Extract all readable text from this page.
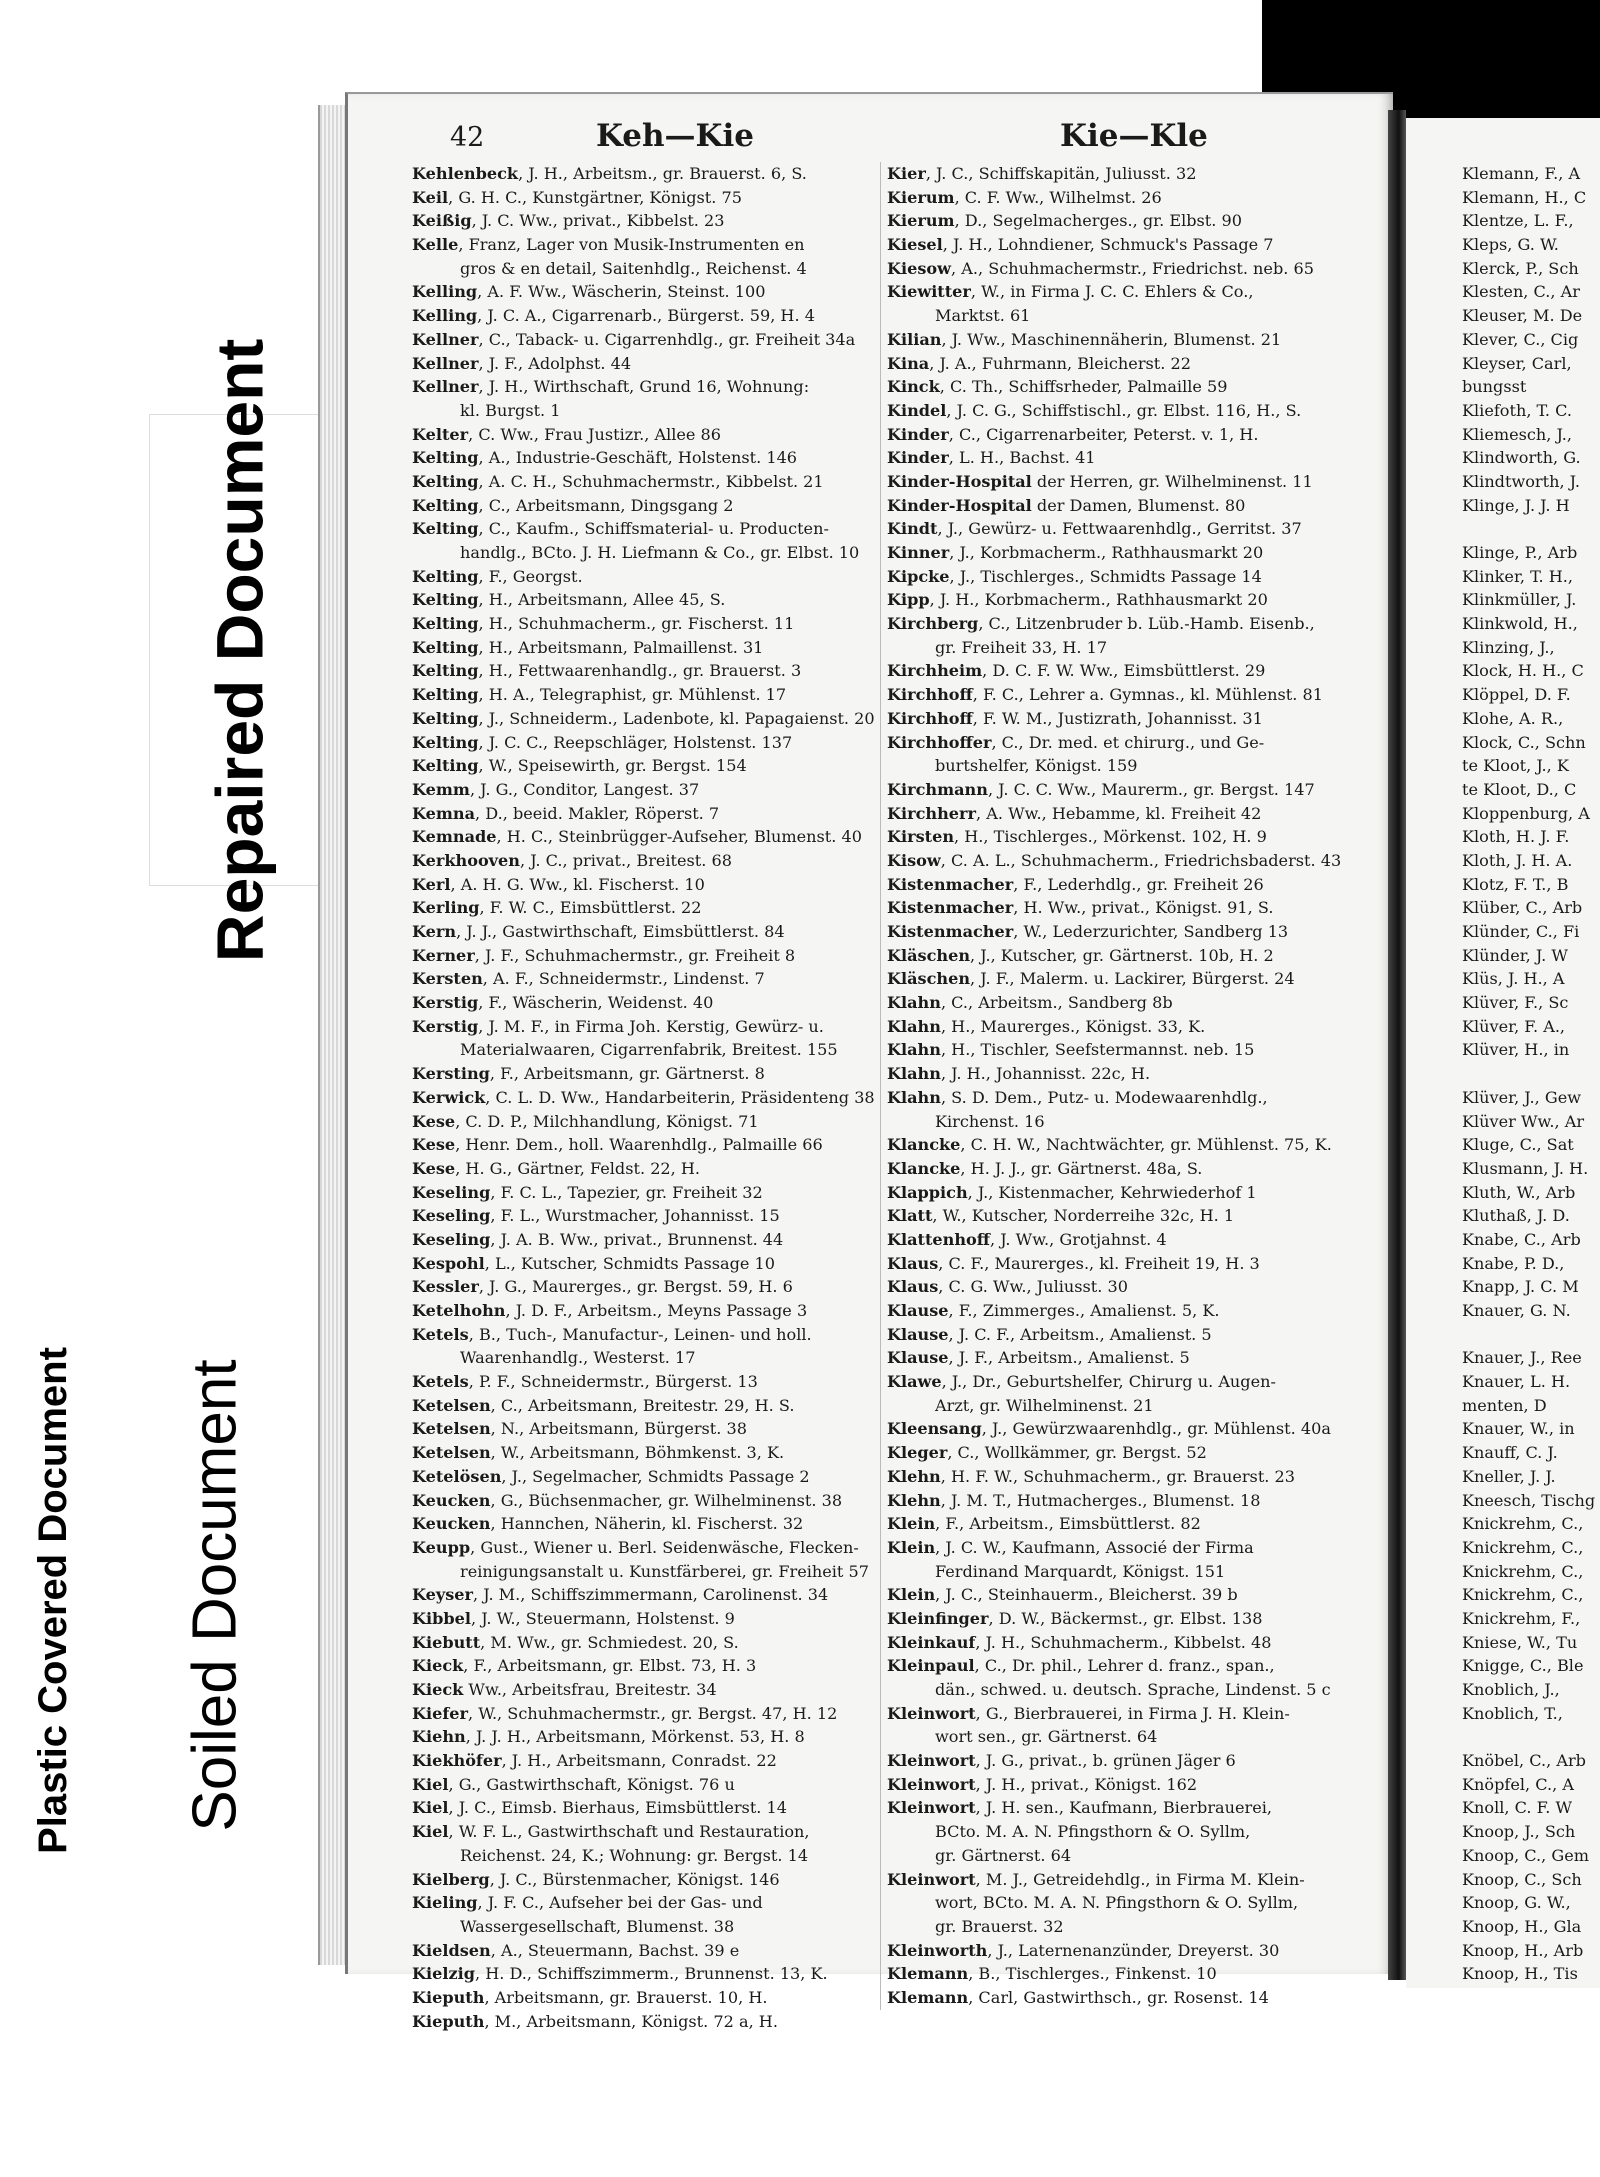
Repaired Document
Soiled Document
Plastic Covered Document
42	Keh—Kie	Kie—Kle
Kehlenbeck, J. H., Arbeitsm., gr. Brauerst. 6, S.
Keil, G. H. C., Kunstgärtner, Königst. 75
Keißig, J. C. Ww., privat., Kibbelst. 23
Kelle, Franz, Lager von Musik-Instrumenten en
gros & en detail, Saitenhdlg., Reichenst. 4
Kelling, A. F. Ww., Wäscherin, Steinst. 100
Kelling, J. C. A., Cigarrenarb., Bürgerst. 59, H. 4
Kellner, C., Taback- u. Cigarrenhdlg., gr. Freiheit 34a
Kellner, J. F., Adolphst. 44
Kellner, J. H., Wirthschaft, Grund 16, Wohnung:
kl. Burgst. 1
Kelter, C. Ww., Frau Justizr., Allee 86
Kelting, A., Industrie-Geschäft, Holstenst. 146
Kelting, A. C. H., Schuhmachermstr., Kibbelst. 21
Kelting, C., Arbeitsmann, Dingsgang 2
Kelting, C., Kaufm., Schiffsmaterial- u. Producten-
handlg., BCto. J. H. Liefmann & Co., gr. Elbst. 10
Kelting, F., Georgst.
Kelting, H., Arbeitsmann, Allee 45, S.
Kelting, H., Schuhmacherm., gr. Fischerst. 11
Kelting, H., Arbeitsmann, Palmaillenst. 31
Kelting, H., Fettwaarenhandlg., gr. Brauerst. 3
Kelting, H. A., Telegraphist, gr. Mühlenst. 17
Kelting, J., Schneiderm., Ladenbote, kl. Papagaienst. 20
Kelting, J. C. C., Reepschläger, Holstenst. 137
Kelting, W., Speisewirth, gr. Bergst. 154
Kemm, J. G., Conditor, Langest. 37
Kemna, D., beeid. Makler, Röperst. 7
Kemnade, H. C., Steinbrügger-Aufseher, Blumenst. 40
Kerkhooven, J. C., privat., Breitest. 68
Kerl, A. H. G. Ww., kl. Fischerst. 10
Kerling, F. W. C., Eimsbüttlerst. 22
Kern, J. J., Gastwirthschaft, Eimsbüttlerst. 84
Kerner, J. F., Schuhmachermstr., gr. Freiheit 8
Kersten, A. F., Schneidermstr., Lindenst. 7
Kerstig, F., Wäscherin, Weidenst. 40
Kerstig, J. M. F., in Firma Joh. Kerstig, Gewürz- u.
Materialwaaren, Cigarrenfabrik, Breitest. 155
Kersting, F., Arbeitsmann, gr. Gärtnerst. 8
Kerwick, C. L. D. Ww., Handarbeiterin, Präsidenteng 38
Kese, C. D. P., Milchhandlung, Königst. 71
Kese, Henr. Dem., holl. Waarenhdlg., Palmaille 66
Kese, H. G., Gärtner, Feldst. 22, H.
Keseling, F. C. L., Tapezier, gr. Freiheit 32
Keseling, F. L., Wurstmacher, Johannisst. 15
Keseling, J. A. B. Ww., privat., Brunnenst. 44
Kespohl, L., Kutscher, Schmidts Passage 10
Kessler, J. G., Maurerges., gr. Bergst. 59, H. 6
Ketelhohn, J. D. F., Arbeitsm., Meyns Passage 3
Ketels, B., Tuch-, Manufactur-, Leinen- und holl.
Waarenhandlg., Westerst. 17
Ketels, P. F., Schneidermstr., Bürgerst. 13
Ketelsen, C., Arbeitsmann, Breitestr. 29, H. S.
Ketelsen, N., Arbeitsmann, Bürgerst. 38
Ketelsen, W., Arbeitsmann, Böhmkenst. 3, K.
Ketelösen, J., Segelmacher, Schmidts Passage 2
Keucken, G., Büchsenmacher, gr. Wilhelminenst. 38
Keucken, Hannchen, Näherin, kl. Fischerst. 32
Keupp, Gust., Wiener u. Berl. Seidenwäsche, Flecken-
reinigungsanstalt u. Kunstfärberei, gr. Freiheit 57
Keyser, J. M., Schiffszimmermann, Carolinenst. 34
Kibbel, J. W., Steuermann, Holstenst. 9
Kiebutt, M. Ww., gr. Schmiedest. 20, S.
Kieck, F., Arbeitsmann, gr. Elbst. 73, H. 3
Kieck Ww., Arbeitsfrau, Breitestr. 34
Kiefer, W., Schuhmachermstr., gr. Bergst. 47, H. 12
Kiehn, J. J. H., Arbeitsmann, Mörkenst. 53, H. 8
Kiekhöfer, J. H., Arbeitsmann, Conradst. 22
Kiel, G., Gastwirthschaft, Königst. 76 u
Kiel, J. C., Eimsb. Bierhaus, Eimsbüttlerst. 14
Kiel, W. F. L., Gastwirthschaft und Restauration,
Reichenst. 24, K.; Wohnung: gr. Bergst. 14
Kielberg, J. C., Bürstenmacher, Königst. 146
Kieling, J. F. C., Aufseher bei der Gas- und
Wassergesellschaft, Blumenst. 38
Kieldsen, A., Steuermann, Bachst. 39 e
Kielzig, H. D., Schiffszimmerm., Brunnenst. 13, K.
Kieputh, Arbeitsmann, gr. Brauerst. 10, H.
Kieputh, M., Arbeitsmann, Königst. 72 a, H.
Kier, J. C., Schiffskapitän, Juliusst. 32
Kierum, C. F. Ww., Wilhelmst. 26
Kierum, D., Segelmacherges., gr. Elbst. 90
Kiesel, J. H., Lohndiener, Schmuck's Passage 7
Kiesow, A., Schuhmachermstr., Friedrichst. neb. 65
Kiewitter, W., in Firma J. C. C. Ehlers & Co.,
Marktst. 61
Kilian, J. Ww., Maschinennäherin, Blumenst. 21
Kina, J. A., Fuhrmann, Bleicherst. 22
Kinck, C. Th., Schiffsrheder, Palmaille 59
Kindel, J. C. G., Schiffstischl., gr. Elbst. 116, H., S.
Kinder, C., Cigarrenarbeiter, Peterst. v. 1, H.
Kinder, L. H., Bachst. 41
Kinder-Hospital der Herren, gr. Wilhelminenst. 11
Kinder-Hospital der Damen, Blumenst. 80
Kindt, J., Gewürz- u. Fettwaarenhdlg., Gerritst. 37
Kinner, J., Korbmacherm., Rathhausmarkt 20
Kipcke, J., Tischlerges., Schmidts Passage 14
Kipp, J. H., Korbmacherm., Rathhausmarkt 20
Kirchberg, C., Litzenbruder b. Lüb.-Hamb. Eisenb.,
gr. Freiheit 33, H. 17
Kirchheim, D. C. F. W. Ww., Eimsbüttlerst. 29
Kirchhoff, F. C., Lehrer a. Gymnas., kl. Mühlenst. 81
Kirchhoff, F. W. M., Justizrath, Johannisst. 31
Kirchhoffer, C., Dr. med. et chirurg., und Ge-
burtshelfer, Königst. 159
Kirchmann, J. C. C. Ww., Maurerm., gr. Bergst. 147
Kirchherr, A. Ww., Hebamme, kl. Freiheit 42
Kirsten, H., Tischlerges., Mörkenst. 102, H. 9
Kisow, C. A. L., Schuhmacherm., Friedrichsbaderst. 43
Kistenmacher, F., Lederhdlg., gr. Freiheit 26
Kistenmacher, H. Ww., privat., Königst. 91, S.
Kistenmacher, W., Lederzurichter, Sandberg 13
Kläschen, J., Kutscher, gr. Gärtnerst. 10b, H. 2
Kläschen, J. F., Malerm. u. Lackirer, Bürgerst. 24
Klahn, C., Arbeitsm., Sandberg 8b
Klahn, H., Maurerges., Königst. 33, K.
Klahn, H., Tischler, Seefstermannst. neb. 15
Klahn, J. H., Johannisst. 22c, H.
Klahn, S. D. Dem., Putz- u. Modewaarenhdlg.,
Kirchenst. 16
Klancke, C. H. W., Nachtwächter, gr. Mühlenst. 75, K.
Klancke, H. J. J., gr. Gärtnerst. 48a, S.
Klappich, J., Kistenmacher, Kehrwiederhof 1
Klatt, W., Kutscher, Norderreihe 32c, H. 1
Klattenhoff, J. Ww., Grotjahnst. 4
Klaus, C. F., Maurerges., kl. Freiheit 19, H. 3
Klaus, C. G. Ww., Juliusst. 30
Klause, F., Zimmerges., Amalienst. 5, K.
Klause, J. C. F., Arbeitsm., Amalienst. 5
Klause, J. F., Arbeitsm., Amalienst. 5
Klawe, J., Dr., Geburtshelfer, Chirurg u. Augen-
Arzt, gr. Wilhelminenst. 21
Kleensang, J., Gewürzwaarenhdlg., gr. Mühlenst. 40a
Kleger, C., Wollkämmer, gr. Bergst. 52
Klehn, H. F. W., Schuhmacherm., gr. Brauerst. 23
Klehn, J. M. T., Hutmacherges., Blumenst. 18
Klein, F., Arbeitsm., Eimsbüttlerst. 82
Klein, J. C. W., Kaufmann, Associé der Firma
Ferdinand Marquardt, Königst. 151
Klein, J. C., Steinhauerm., Bleicherst. 39 b
Kleinfinger, D. W., Bäckermst., gr. Elbst. 138
Kleinkauf, J. H., Schuhmacherm., Kibbelst. 48
Kleinpaul, C., Dr. phil., Lehrer d. franz., span.,
dän., schwed. u. deutsch. Sprache, Lindenst. 5 c
Kleinwort, G., Bierbrauerei, in Firma J. H. Klein-
wort sen., gr. Gärtnerst. 64
Kleinwort, J. G., privat., b. grünen Jäger 6
Kleinwort, J. H., privat., Königst. 162
Kleinwort, J. H. sen., Kaufmann, Bierbrauerei,
BCto. M. A. N. Pfingsthorn & O. Syllm,
gr. Gärtnerst. 64
Kleinwort, M. J., Getreidehdlg., in Firma M. Klein-
wort, BCto. M. A. N. Pfingsthorn & O. Syllm,
gr. Brauerst. 32
Kleinworth, J., Laternenanzünder, Dreyerst. 30
Klemann, B., Tischlerges., Finkenst. 10
Klemann, Carl, Gastwirthsch., gr. Rosenst. 14
Klemann, F., A
Klemann, H., C
Klentze, L. F.,
Kleps, G. W.
Klerck, P., Sch
Klesten, C., Ar
Kleuser, M. De
Klever, C., Cig
Kleyser, Carl,
bungsst
Kliefoth, T. C.
Kliemesch, J.,
Klindworth, G.
Klindtworth, J.
Klinge, J. J. H
Klinge, P., Arb
Klinker, T. H.,
Klinkmüller, J.
Klinkwold, H.,
Klinzing, J.,
Klock, H. H., C
Klöppel, D. F.
Klohe, A. R.,
Klock, C., Schn
te Kloot, J., K
te Kloot, D., C
Kloppenburg, A
Kloth, H. J. F.
Kloth, J. H. A.
Klotz, F. T., B
Klüber, C., Arb
Klünder, C., Fi
Klünder, J. W
Klüs, J. H., A
Klüver, F., Sc
Klüver, F. A.,
Klüver, H., in
Klüver, J., Gew
Klüver Ww., Ar
Kluge, C., Sat
Klusmann, J. H.
Kluth, W., Arb
Kluthaß, J. D.
Knabe, C., Arb
Knabe, P. D.,
Knapp, J. C. M
Knauer, G. N.
Knauer, J., Ree
Knauer, L. H.
menten, D
Knauer, W., in
Knauff, C. J.
Kneller, J. J.
Kneesch, Tischg
Knickrehm, C.,
Knickrehm, C.,
Knickrehm, C.,
Knickrehm, C.,
Knickrehm, F.,
Kniese, W., Tu
Knigge, C., Ble
Knoblich, J.,
Knoblich, T.,
Knöbel, C., Arb
Knöpfel, C., A
Knoll, C. F. W
Knoop, J., Sch
Knoop, C., Gem
Knoop, C., Sch
Knoop, G. W.,
Knoop, H., Gla
Knoop, H., Arb
Knoop, H., Tis
